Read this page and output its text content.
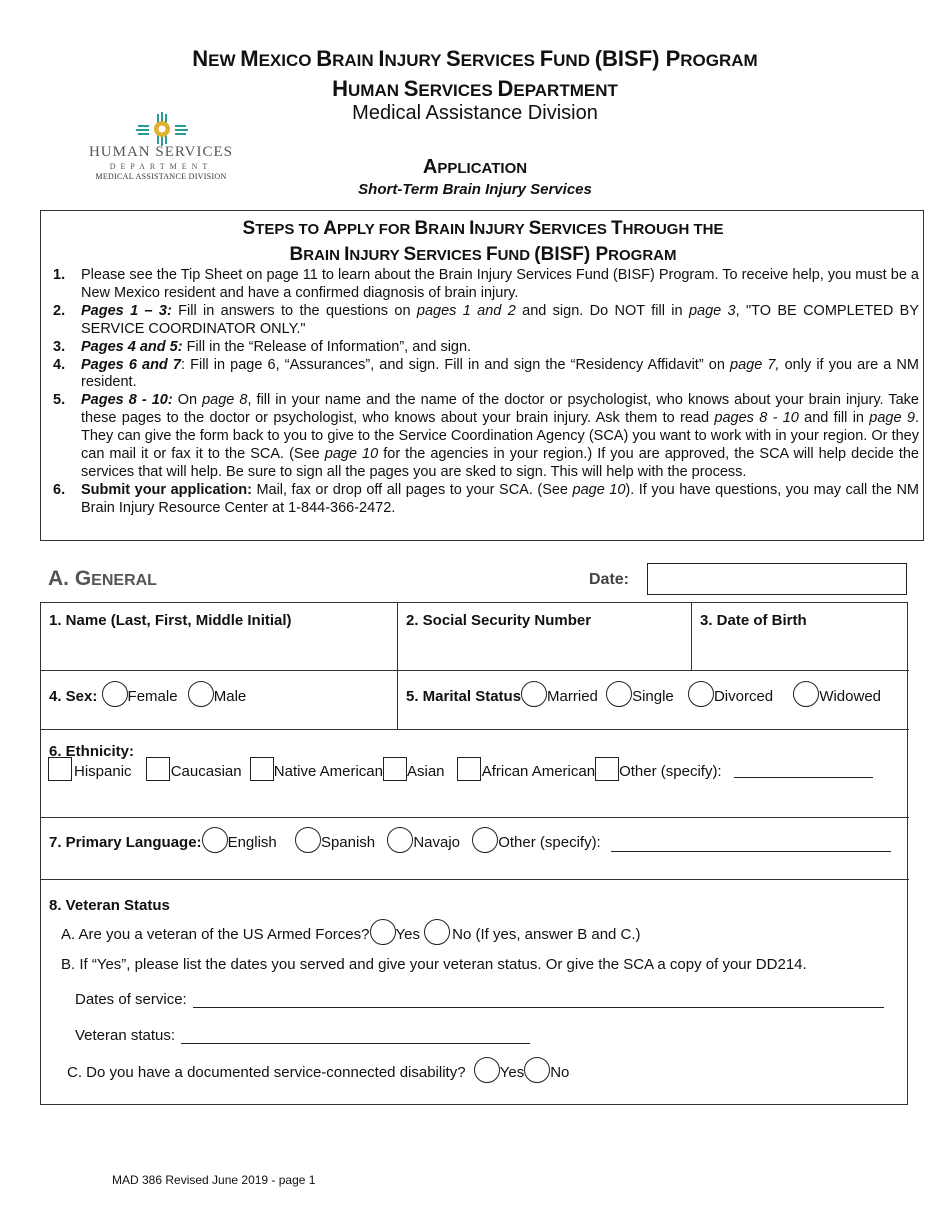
NEW MEXICO BRAIN INJURY SERVICES FUND (BISF) PROGRAM
HUMAN SERVICES DEPARTMENT
Medical Assistance Division
HUMAN SERVICES
DEPARTMENT
MEDICAL ASSISTANCE DIVISION	APPLICATION
Short-Term Brain Injury Services
STEPS TO APPLY FOR BRAIN INJURY SERVICES THROUGH THE
BRAIN INJURY SERVICES FUND (BISF) PROGRAM
1. Please see the Tip Sheet on page 11 to learn about the Brain Injury Services Fund (BISF) Program. To receive help, you must be a New Mexico resident and have a confirmed diagnosis of brain injury.
2. Pages 1 – 3: Fill in answers to the questions on pages 1 and 2 and sign. Do NOT fill in page 3, "TO BE COMPLETED BY SERVICE COORDINATOR ONLY."
3. Pages 4 and 5: Fill in the “Release of Information”, and sign.
4. Pages 6 and 7: Fill in page 6, “Assurances”, and sign. Fill in and sign the “Residency Affidavit” on page 7, only if you are a NM resident.
5. Pages 8 - 10: On page 8, fill in your name and the name of the doctor or psychologist, who knows about your brain injury. Take these pages to the doctor or psychologist, who knows about your brain injury. Ask them to read pages 8 - 10 and fill in page 9. They can give the form back to you to give to the Service Coordination Agency (SCA) you want to work with in your region. Or they can mail it or fax it to the SCA. (See page 10 for the agencies in your region.) If you are approved, the SCA will help decide the services that will help. Be sure to sign all the pages you are sked to sign. This will help with the process.
6. Submit your application: Mail, fax or drop off all pages to your SCA. (See page 10). If you have questions, you may call the NM Brain Injury Resource Center at 1-844-366-2472.
A. GENERAL	Date:
1. Name (Last, First, Middle Initial)	2. Social Security Number	3. Date of Birth
4. Sex: Female Male	5. Marital Status Married Single	Divorced	Widowed
6. Ethnicity:
Hispanic	Caucasian Native American Asian African American Other (specify):
7. Primary Language: English	Spanish	Navajo	Other (specify):
8. Veteran Status
A. Are you a veteran of the US Armed Forces? Yes No (If yes, answer B and C.)
B. If “Yes”, please list the dates you served and give your veteran status. Or give the SCA a copy of your DD214.
Dates of service:
Veteran status:
C. Do you have a documented service-connected disability? Yes No
MAD 386 Revised June 2019 - page 1
